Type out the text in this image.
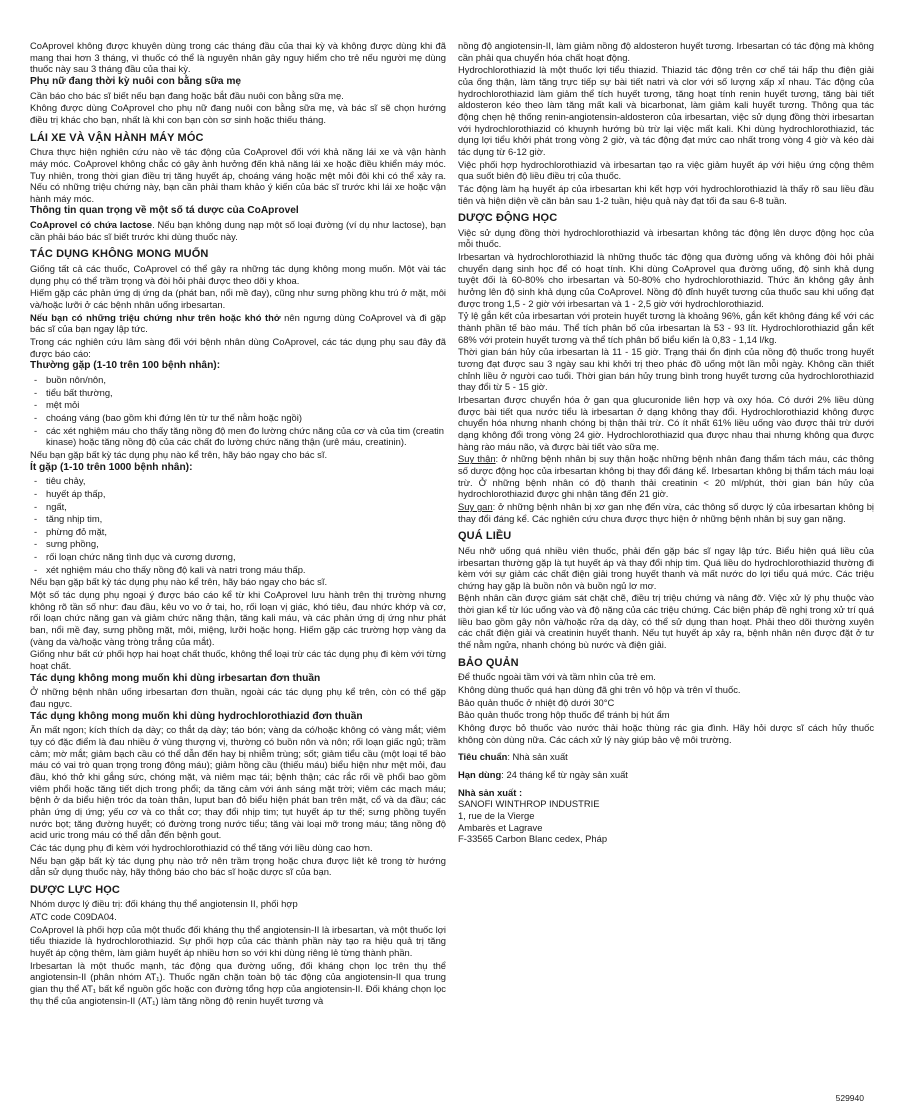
CoAprovel không được khuyên dùng trong các tháng đầu của thai kỳ và không được dùng khi đã mang thai hơn 3 tháng, vì thuốc có thể là nguyên nhân gây nguy hiểm cho trẻ nếu người mẹ dùng thuốc này sau 3 tháng đầu của thai kỳ.

Phụ nữ đang thời kỳ nuôi con bằng sữa mẹ

Cần báo cho bác sĩ biết nếu bạn đang hoặc bắt đầu nuôi con bằng sữa mẹ.

Không được dùng CoAprovel cho phụ nữ đang nuôi con bằng sữa mẹ, và bác sĩ sẽ chọn hướng điều trị khác cho bạn, nhất là khi con bạn còn sơ sinh hoặc thiếu tháng.

LÁI XE VÀ VẬN HÀNH MÁY MÓC

Chưa thực hiện nghiên cứu nào về tác động của CoAprovel đối với khả năng lái xe và vận hành máy móc. CoAprovel không chắc có gây ảnh hưởng đến khả năng lái xe hoặc điều khiển máy móc. Tuy nhiên, trong thời gian điều trị tăng huyết áp, choáng váng hoặc mệt mỏi đôi khi có thể xảy ra. Nếu có những triệu chứng này, bạn cần phải tham khảo ý kiến của bác sĩ trước khi lái xe hoặc vận hành máy móc.

Thông tin quan trọng về một số tá dược của CoAprovel

CoAprovel có chứa lactose. Nếu bạn không dung nạp một số loại đường (ví dụ như lactose), bạn cần phải báo bác sĩ biết trước khi dùng thuốc này.

TÁC DỤNG KHÔNG MONG MUỐN

Giống tất cả các thuốc, CoAprovel có thể gây ra những tác dụng không mong muốn. Một vài tác dụng phụ có thể trầm trọng và đòi hỏi phải được theo dõi y khoa.

Hiếm gặp các phản ứng dị ứng da (phát ban, nổi mề đay), cũng như sưng phồng khu trú ở mặt, môi và/hoặc lưỡi ở các bệnh nhân uống irbesartan.

Nếu bạn có những triệu chứng như trên hoặc khó thở nên ngưng dùng CoAprovel và đi gặp bác sĩ của bạn ngay lập tức.

Trong các nghiên cứu lâm sàng đối với bệnh nhân dùng CoAprovel, các tác dụng phụ sau đây đã được báo cáo:

Thường gặp (1-10 trên 100 bệnh nhân):
- buồn nôn/nôn,
- tiểu bất thường,
- mệt mỏi
- choáng váng (bao gồm khi đứng lên từ tư thế nằm hoặc ngồi)
- các xét nghiệm máu cho thấy tăng nồng độ men đo lường chức năng của cơ và của tim (creatin kinase) hoặc tăng nồng độ của các chất đo lường chức năng thận (urê máu, creatinin).

Nếu bạn gặp bất kỳ tác dụng phụ nào kể trên, hãy báo ngay cho bác sĩ.

Ít gặp (1-10 trên 1000 bệnh nhân):
- tiêu chảy,
- huyết áp thấp,
- ngất,
- tăng nhịp tim,
- phừng đỏ mặt,
- sưng phồng,
- rối loạn chức năng tình dục và cương dương,
- xét nghiệm máu cho thấy nồng độ kali và natri trong máu thấp.

Nếu bạn gặp bất kỳ tác dụng phụ nào kể trên, hãy báo ngay cho bác sĩ.

Một số tác dụng phụ ngoại ý được báo cáo kể từ khi CoAprovel lưu hành trên thị trường nhưng không rõ tần số như: đau đầu, kêu vo vo ở tai, ho, rối loạn vị giác, khó tiêu, đau nhức khớp và cơ, rối loạn chức năng gan và giảm chức năng thận, tăng kali máu, và các phản ứng dị ứng như phát ban, nổi mề đay, sưng phồng mặt, môi, miệng, lưỡi hoặc họng. Hiếm gặp các trường hợp vàng da (vàng da và/hoặc vàng tròng trắng của mắt).

Giống như bất cứ phối hợp hai hoạt chất thuốc, không thể loại trừ các tác dụng phụ đi kèm với từng hoạt chất.

Tác dụng không mong muốn khi dùng irbesartan đơn thuần

Ở những bệnh nhân uống irbesartan đơn thuần, ngoài các tác dụng phụ kể trên, còn có thể gặp đau ngực.

Tác dụng không mong muốn khi dùng hydrochlorothiazid đơn thuần

Ăn mất ngon; kích thích dạ dày; co thắt dạ dày; táo bón; vàng da có/hoặc không có vàng mắt; viêm tụy có đặc điểm là đau nhiều ở vùng thượng vị, thường có buồn nôn và nôn; rối loạn giấc ngủ; trầm cảm; mờ mắt; giảm bạch cầu có thể dẫn đến hay bị nhiễm trùng; sốt; giảm tiểu cầu (một loại tế bào máu có vai trò quan trọng trong đông máu); giảm hồng cầu (thiếu máu) biểu hiện như mệt mỏi, đau đầu, khó thở khi gắng sức, chóng mặt, và niêm mạc tái; bệnh thận; các rắc rối về phổi bao gồm viêm phổi hoặc tăng tiết dịch trong phổi; da tăng cảm với ánh sáng mặt trời; viêm các mạch máu; bệnh ở da biểu hiện tróc da toàn thân, luput ban đỏ biểu hiện phát ban trên mặt, cổ và da đầu; các phản ứng dị ứng; yếu cơ và co thắt cơ; thay đổi nhịp tim; tụt huyết áp tư thế; sưng phồng tuyến nước bọt; tăng đường huyết; có đường trong nước tiểu; tăng vài loại mỡ trong máu; tăng nồng độ acid uric trong máu có thể dẫn đến bệnh gout.

Các tác dụng phụ đi kèm với hydrochlorothiazid có thể tăng với liều dùng cao hơn.

Nếu bạn gặp bất kỳ tác dụng phụ nào trở nên trầm trọng hoặc chưa được liệt kê trong tờ hướng dẫn sử dụng thuốc này, hãy thông báo cho bác sĩ hoặc dược sĩ của bạn.

DƯỢC LỰC HỌC

Nhóm dược lý điều trị: đối kháng thụ thể angiotensin II, phối hợp

ATC code C09DA04.

CoAprovel là phối hợp của một thuốc đối kháng thụ thể angiotensin-II là irbesartan, và một thuốc lợi tiểu thiazide là hydrochlorothiazid. Sự phối hợp của các thành phần này tạo ra hiệu quả trị tăng huyết áp cộng thêm, làm giảm huyết áp nhiều hơn so với khi dùng riêng lẻ từng thành phần.

Irbesartan là một thuốc mạnh, tác động qua đường uống, đối kháng chọn lọc trên thụ thể angiotensin-II (phân nhóm AT₁). Thuốc ngăn chặn toàn bộ tác động của angiotensin-II qua trung gian thụ thể AT₁ bất kể nguồn gốc hoặc con đường tổng hợp của angiotensin-II. Đối kháng chọn lọc thụ thể của angiotensin-II (AT₁) làm tăng nồng độ renin huyết tương và

nồng độ angiotensin-II, làm giảm nồng độ aldosteron huyết tương. Irbesartan có tác động mà không cần phải qua chuyển hóa chất hoạt động.

Hydrochlorothiazid là một thuốc lợi tiểu thiazid. Thiazid tác động trên cơ chế tái hấp thu điện giải của ống thận, làm tăng trực tiếp sự bài tiết natri và clor với số lượng xấp xỉ nhau. Tác động của hydrochlorothiazid làm giảm thể tích huyết tương, tăng hoạt tính renin huyết tương, tăng bài tiết aldosteron kéo theo làm tăng mất kali và bicarbonat, làm giảm kali huyết tương. Thông qua tác động chẹn hệ thống renin-angiotensin-aldosteron của irbesartan, việc sử dụng đồng thời irbesartan với hydrochlorothiazid có khuynh hướng bù trừ lại việc mất kali. Khi dùng hydrochlorothiazid, tác dụng lợi tiểu khởi phát trong vòng 2 giờ, và tác động đạt mức cao nhất trong vòng 4 giờ và kéo dài tác dụng từ 6-12 giờ.

Việc phối hợp hydrochlorothiazid và irbesartan tạo ra việc giảm huyết áp với hiệu ứng cộng thêm qua suốt biên độ liều điều trị của thuốc.

Tác động làm hạ huyết áp của irbesartan khi kết hợp với hydrochlorothiazid là thấy rõ sau liều đầu tiên và hiện diện về căn bản sau 1-2 tuần, hiệu quả này đạt tối đa sau 6-8 tuần.

DƯỢC ĐỘNG HỌC

Việc sử dụng đồng thời hydrochlorothiazid và irbesartan không tác động lên dược động học của mỗi thuốc.

Irbesartan và hydrochlorothiazid là những thuốc tác động qua đường uống và không đòi hỏi phải chuyển dạng sinh học để có hoạt tính. Khi dùng CoAprovel qua đường uống, độ sinh khả dụng tuyệt đối là 60-80% cho irbesartan và 50-80% cho hydrochlorothiazid. Thức ăn không gây ảnh hưởng lên độ sinh khả dụng của CoAprovel. Nồng độ đỉnh huyết tương của thuốc sau khi uống đạt được trong 1,5 - 2 giờ với irbesartan và 1 - 2,5 giờ với hydrochlorothiazid.

Tỷ lệ gắn kết của irbesartan với protein huyết tương là khoảng 96%, gắn kết không đáng kể với các thành phần tế bào máu. Thể tích phân bố của irbesartan là 53 - 93 lít. Hydrochlorothiazid gắn kết 68% với protein huyết tương và thể tích phân bố biểu kiến là 0,83 - 1,14 l/kg.

Thời gian bán hủy của irbesartan là 11 - 15 giờ. Trạng thái ổn định của nồng độ thuốc trong huyết tương đạt được sau 3 ngày sau khi khởi trị theo phác đồ uống một lần mỗi ngày. Không cần thiết chỉnh liều ở người cao tuổi. Thời gian bán hủy trung bình trong huyết tương của hydrochlorothiazid thay đổi từ 5 - 15 giờ.

Irbesartan được chuyển hóa ở gan qua glucuronide liên hợp và oxy hóa. Có dưới 2% liều dùng được bài tiết qua nước tiểu là irbesartan ở dạng không thay đổi. Hydrochlorothiazid không được chuyển hóa nhưng nhanh chóng bị thận thải trừ. Có ít nhất 61% liều uống vào được thải trừ dưới dạng không đổi trong vòng 24 giờ. Hydrochlorothiazid qua được nhau thai nhưng không qua được hàng rào máu não, và được bài tiết vào sữa mẹ.

Suy thận: ở những bệnh nhân bị suy thận hoặc những bệnh nhân đang thẩm tách máu, các thông số dược động học của irbesartan không bị thay đổi đáng kể. Irbesartan không bị thẩm tách máu loại trừ. Ở những bệnh nhân có độ thanh thải creatinin < 20 ml/phút, thời gian bán hủy của hydrochlorothiazid được ghi nhận tăng đến 21 giờ.

Suy gan: ở những bệnh nhân bị xơ gan nhẹ đến vừa, các thông số dược lý của irbesartan không bị thay đổi đáng kể. Các nghiên cứu chưa được thực hiện ở những bệnh nhân bị suy gan nặng.

QUÁ LIỀU

Nếu nhỡ uống quá nhiều viên thuốc, phải đến gặp bác sĩ ngay lập tức. Biểu hiện quá liều của irbesartan thường gặp là tụt huyết áp và thay đổi nhịp tim. Quá liều do hydrochlorothiazid thường đi kèm với sự giảm các chất điện giải trong huyết thanh và mất nước do lợi tiểu quá mức. Các triệu chứng hay gặp là buồn nôn và buồn ngủ lơ mơ.

Bệnh nhân cần được giám sát chặt chẽ, điều trị triệu chứng và nâng đỡ. Việc xử lý phụ thuộc vào thời gian kể từ lúc uống vào và độ nặng của các triệu chứng. Các biện pháp đề nghị trong xử trí quá liều bao gồm gây nôn và/hoặc rửa dạ dày, có thể sử dụng than hoạt. Phải theo dõi thường xuyên các chất điện giải và creatinin huyết thanh. Nếu tụt huyết áp xảy ra, bệnh nhân nên được đặt ở tư thế nằm ngửa, nhanh chóng bù nước và điện giải.

BẢO QUẢN

Để thuốc ngoài tầm với và tầm nhìn của trẻ em.

Không dùng thuốc quá hạn dùng đã ghi trên vỏ hộp và trên vỉ thuốc.

Bảo quản thuốc ở nhiệt độ dưới 30°C

Bảo quản thuốc trong hộp thuốc để tránh bị hút ẩm

Không được bỏ thuốc vào nước thải hoặc thùng rác gia đình. Hãy hỏi dược sĩ cách hủy thuốc không còn dùng nữa. Các cách xử lý này giúp bảo vệ môi trường.

Tiêu chuẩn: Nhà sản xuất

Hạn dùng: 24 tháng kể từ ngày sản xuất

Nhà sản xuất :

SANOFI WINTHROP INDUSTRIE

1, rue de la Vierge

Ambarès et Lagrave

F-33565 Carbon Blanc cedex, Pháp

529940
